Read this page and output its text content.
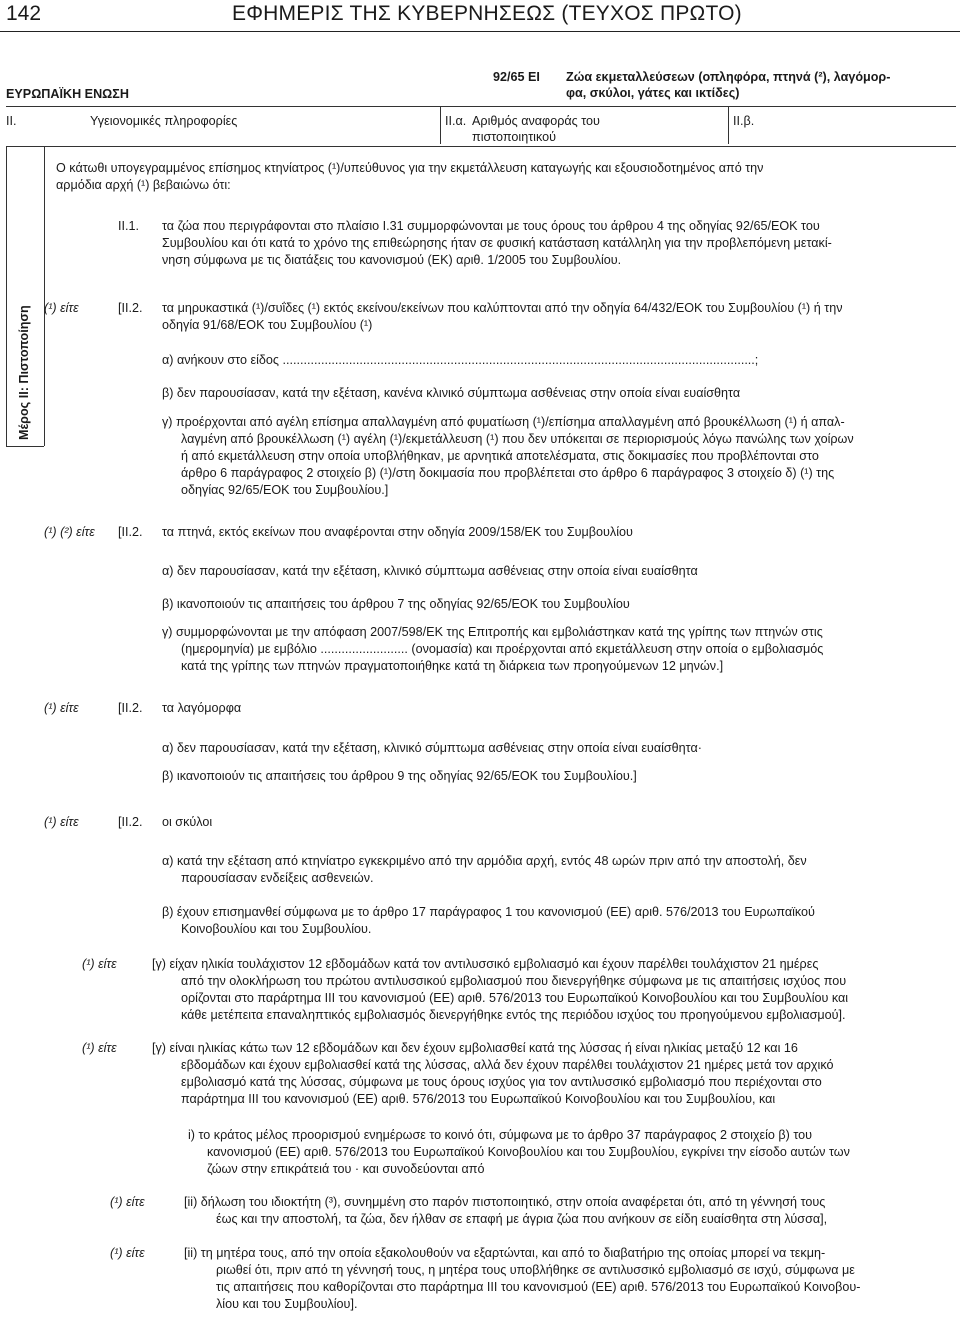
142	ΕΦΗΜΕΡΙΣ ΤΗΣ ΚΥΒΕΡΝΗΣΕΩΣ (ΤΕΥΧΟΣ ΠΡΩΤΟ)
ΕΥΡΩΠΑΪΚΗ ΕΝΩΣΗ
92/65 ΕΙ Ζώα εκμεταλλεύσεων (οπληφόρα, πτηνά (²), λαγόμορ-
φα, σκύλοι, γάτες και ικτίδες)
II.	Υγειονομικές πληροφορίες	II.α. Αριθμός αναφοράς του
πιστοποιητικού
II.β.
Μέρος II: Πιστοποίηση
Ο κάτωθι υπογεγραμμένος επίσημος κτηνίατρος (¹)/υπεύθυνος για την εκμετάλλευση καταγωγής και εξουσιοδοτημένος από την
αρμόδια αρχή (¹) βεβαιώνω ότι:
II.1. τα ζώα που περιγράφονται στο πλαίσιο I.31 συμμορφώνονται με τους όρους του άρθρου 4 της οδηγίας 92/65/ΕΟΚ του
Συμβουλίου και ότι κατά το χρόνο της επιθεώρησης ήταν σε φυσική κατάσταση κατάλληλη για την προβλεπόμενη μετακί-
νηση σύμφωνα με τις διατάξεις του κανονισμού (ΕΚ) αριθ. 1/2005 του Συμβουλίου.
(¹) είτε	[II.2. τα μηρυκαστικά (¹)/συΐδες (¹) εκτός εκείνου/εκείνων που καλύπτονται από την οδηγία 64/432/ΕΟΚ του Συμβουλίου (¹) ή την
οδηγία 91/68/ΕΟΚ του Συμβουλίου (¹)
α) ανήκουν στο είδος .......................................................................................................................................;
β) δεν παρουσίασαν, κατά την εξέταση, κανένα κλινικό σύμπτωμα ασθένειας στην οποία είναι ευαίσθητα
γ) προέρχονται από αγέλη επίσημα απαλλαγμένη από φυματίωση (¹)/επίσημα απαλλαγμένη από βρουκέλλωση (¹) ή απαλ-
λαγμένη από βρουκέλλωση (¹) αγέλη (¹)/εκμετάλλευση (¹) που δεν υπόκειται σε περιορισμούς λόγω πανώλης των χοίρων
ή από εκμετάλλευση στην οποία υποβλήθηκαν, με αρνητικά αποτελέσματα, στις δοκιμασίες που προβλέπονται στο
άρθρο 6 παράγραφος 2 στοιχείο β) (¹)/στη δοκιμασία που προβλέπεται στο άρθρο 6 παράγραφος 3 στοιχείο δ) (¹) της
οδηγίας 92/65/ΕΟΚ του Συμβουλίου.]
(¹) (²) είτε [II.2. τα πτηνά, εκτός εκείνων που αναφέρονται στην οδηγία 2009/158/ΕΚ του Συμβουλίου
α) δεν παρουσίασαν, κατά την εξέταση, κλινικό σύμπτωμα ασθένειας στην οποία είναι ευαίσθητα
β) ικανοποιούν τις απαιτήσεις του άρθρου 7 της οδηγίας 92/65/ΕΟΚ του Συμβουλίου
γ) συμμορφώνονται με την απόφαση 2007/598/ΕΚ της Επιτροπής και εμβολιάστηκαν κατά της γρίπης των πτηνών στις
(ημερομηνία) με εμβόλιο ......................... (ονομασία) και προέρχονται από εκμετάλλευση στην οποία ο εμβολιασμός
κατά της γρίπης των πτηνών πραγματοποιήθηκε κατά τη διάρκεια των προηγούμενων 12 μηνών.]
(¹) είτε	[II.2. τα λαγόμορφα
α) δεν παρουσίασαν, κατά την εξέταση, κλινικό σύμπτωμα ασθένειας στην οποία είναι ευαίσθητα·
β) ικανοποιούν τις απαιτήσεις του άρθρου 9 της οδηγίας 92/65/ΕΟΚ του Συμβουλίου.]
(¹) είτε	[II.2. οι σκύλοι
α) κατά την εξέταση από κτηνίατρο εγκεκριμένο από την αρμόδια αρχή, εντός 48 ωρών πριν από την αποστολή, δεν
παρουσίασαν ενδείξεις ασθενειών.
β) έχουν επισημανθεί σύμφωνα με το άρθρο 17 παράγραφος 1 του κανονισμού (ΕΕ) αριθ. 576/2013 του Ευρωπαϊκού
Κοινοβουλίου και του Συμβουλίου.
(¹) είτε	[γ) είχαν ηλικία τουλάχιστον 12 εβδομάδων κατά τον αντιλυσσικό εμβολιασμό και έχουν παρέλθει τουλάχιστον 21 ημέρες
από την ολοκλήρωση του πρώτου αντιλυσσικού εμβολιασμού που διενεργήθηκε σύμφωνα με τις απαιτήσεις ισχύος που
ορίζονται στο παράρτημα III του κανονισμού (ΕΕ) αριθ. 576/2013 του Ευρωπαϊκού Κοινοβουλίου και του Συμβουλίου και
κάθε μετέπειτα επαναληπτικός εμβολιασμός διενεργήθηκε εντός της περιόδου ισχύος του προηγούμενου εμβολιασμού].
(¹) είτε	[γ) είναι ηλικίας κάτω των 12 εβδομάδων και δεν έχουν εμβολιασθεί κατά της λύσσας ή είναι ηλικίας μεταξύ 12 και 16
εβδομάδων και έχουν εμβολιασθεί κατά της λύσσας, αλλά δεν έχουν παρέλθει τουλάχιστον 21 ημέρες μετά τον αρχικό
εμβολιασμό κατά της λύσσας, σύμφωνα με τους όρους ισχύος για τον αντιλυσσικό εμβολιασμό που περιέχονται στο
παράρτημα III του κανονισμού (ΕΕ) αριθ. 576/2013 του Ευρωπαϊκού Κοινοβουλίου και του Συμβουλίου, και
i) το κράτος μέλος προορισμού ενημέρωσε το κοινό ότι, σύμφωνα με το άρθρο 37 παράγραφος 2 στοιχείο β) του
κανονισμού (ΕΕ) αριθ. 576/2013 του Ευρωπαϊκού Κοινοβουλίου και του Συμβουλίου, εγκρίνει την είσοδο αυτών των
ζώων στην επικράτειά του · και συνοδεύονται από
(¹) είτε	[ii) δήλωση του ιδιοκτήτη (³), συνημμένη στο παρόν πιστοποιητικό, στην οποία αναφέρεται ότι, από τη γέννησή τους
έως και την αποστολή, τα ζώα, δεν ήλθαν σε επαφή με άγρια ζώα που ανήκουν σε είδη ευαίσθητα στη λύσσα],
(¹) είτε	[ii) τη μητέρα τους, από την οποία εξακολουθούν να εξαρτώνται, και από το διαβατήριο της οποίας μπορεί να τεκμη-
ριωθεί ότι, πριν από τη γέννησή τους, η μητέρα τους υποβλήθηκε σε αντιλυσσικό εμβολιασμό σε ισχύ, σύμφωνα με
τις απαιτήσεις που καθορίζονται στο παράρτημα III του κανονισμού (ΕΕ) αριθ. 576/2013 του Ευρωπαϊκού Κοινοβου-
λίου και του Συμβουλίου].
